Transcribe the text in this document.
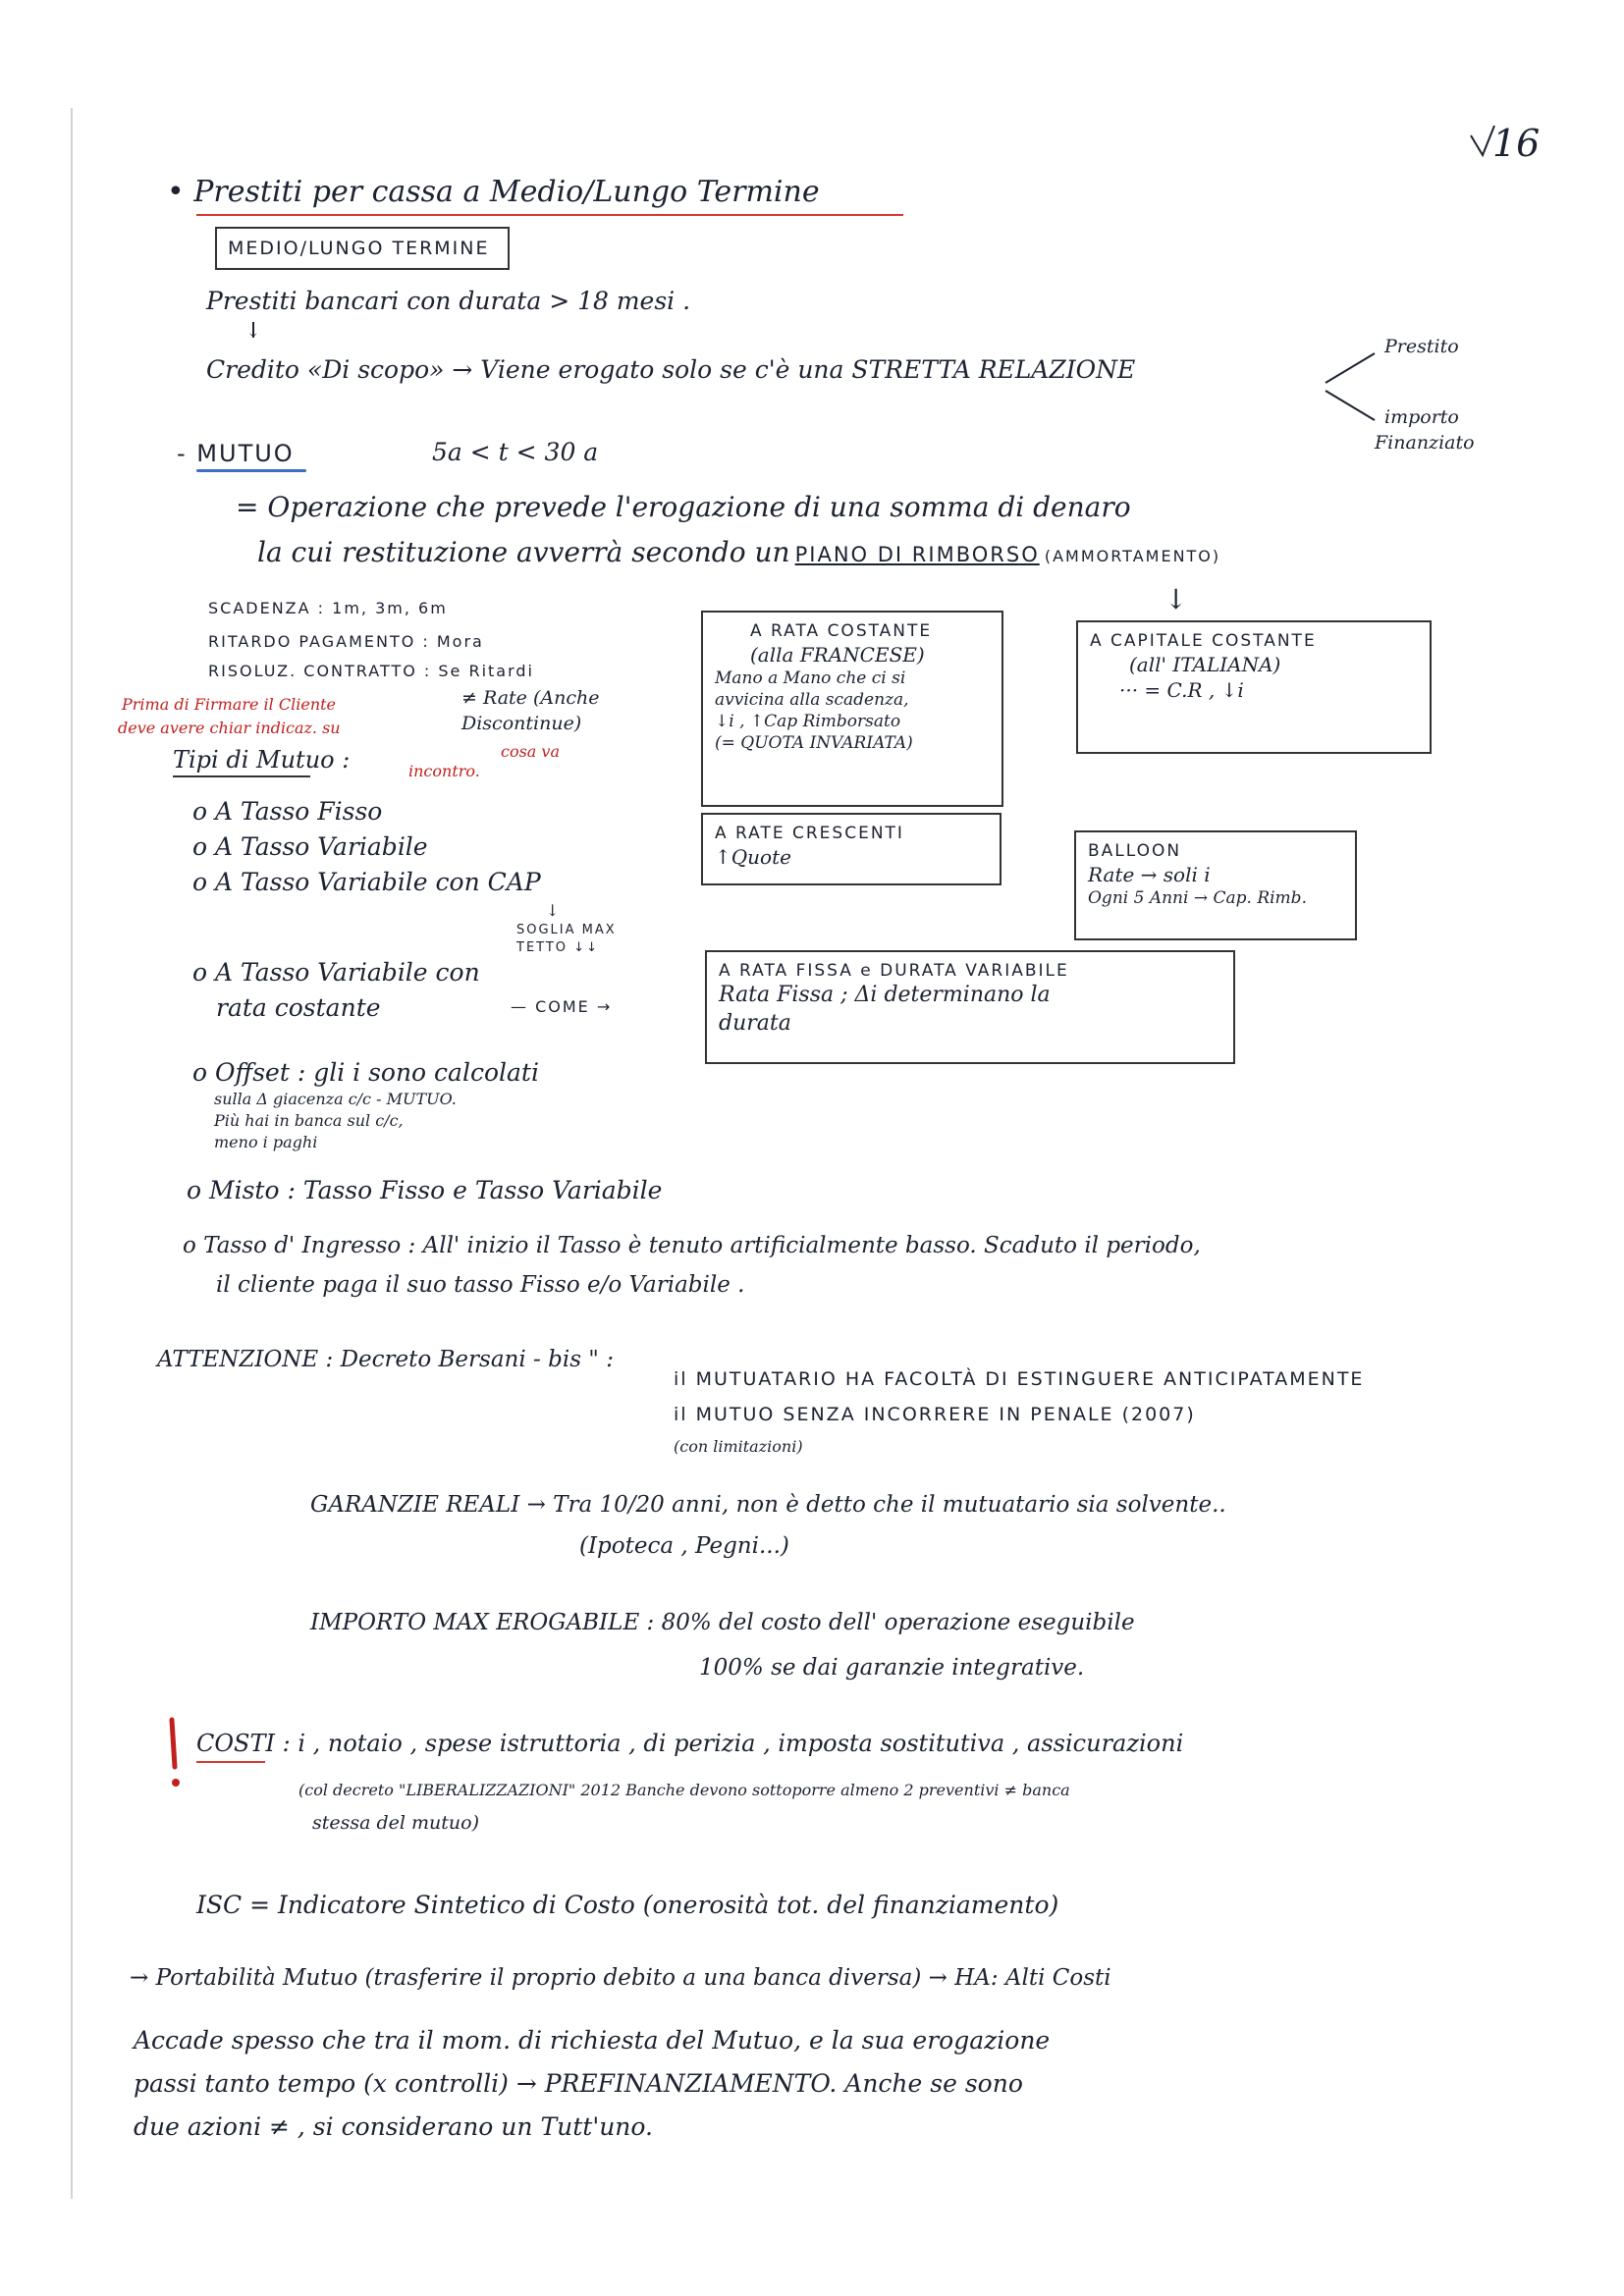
16
• Prestiti per cassa a Medio/Lungo Termine
MEDIO/LUNGO TERMINE
Prestiti bancari con durata > 18 mesi .
↓
Credito «Di scopo» → Viene erogato solo se c'è una STRETTA RELAZIONE
Prestito
importo
Finanziato
- MUTUO	5a < t < 30 a
= Operazione che prevede l'erogazione di una somma di denaro
la cui restituzione avverrà secondo un PIANO DI RIMBORSO (AMMORTAMENTO)
↓
SCADENZA : 1m, 3m, 6m
RITARDO PAGAMENTO : Mora
RISOLUZ. CONTRATTO : Se Ritardi
≠ Rate (Anche
Discontinue)
Prima di Firmare il Cliente
deve avere chiar indicaz. su
cosa va
incontro.
A RATA COSTANTE
(alla FRANCESE)
Mano a Mano che ci si
avvicina alla scadenza,
↓i , ↑Cap Rimborsato
(= QUOTA INVARIATA)
A CAPITALE COSTANTE
(all' ITALIANA)
··· = C.R , ↓i
A RATE CRESCENTI
↑Quote	BALLOON
Rate → soli i
Ogni 5 Anni → Cap. Rimb.
A RATA FISSA e DURATA VARIABILE
Rata Fissa ; Δi determinano la
durata
Tipi di Mutuo :
o A Tasso Fisso
o A Tasso Variabile
o A Tasso Variabile con CAP
↓
SOGLIA MAX
TETTO ↓↓
o A Tasso Variabile con
rata costante	— COME →
o Offset : gli i sono calcolati
sulla Δ giacenza c/c - MUTUO.
Più hai in banca sul c/c,
meno i paghi
o Misto : Tasso Fisso e Tasso Variabile
o Tasso d' Ingresso : All' inizio il Tasso è tenuto artificialmente basso. Scaduto il periodo,
il cliente paga il suo tasso Fisso e/o Variabile .
ATTENZIONE : Decreto Bersani - bis " :
il MUTUATARIO HA FACOLTÀ DI ESTINGUERE ANTICIPATAMENTE
il MUTUO SENZA INCORRERE IN PENALE (2007)
(con limitazioni)
GARANZIE REALI → Tra 10/20 anni, non è detto che il mutuatario sia solvente..
(Ipoteca , Pegni...)
IMPORTO MAX EROGABILE : 80% del costo dell' operazione eseguibile
100% se dai garanzie integrative.
COSTI : i , notaio , spese istruttoria , di perizia , imposta sostitutiva , assicurazioni
(col decreto "LIBERALIZZAZIONI" 2012 Banche devono sottoporre almeno 2 preventivi ≠ banca
stessa del mutuo)
ISC = Indicatore Sintetico di Costo (onerosità tot. del finanziamento)
→ Portabilità Mutuo (trasferire il proprio debito a una banca diversa) → HA: Alti Costi
Accade spesso che tra il mom. di richiesta del Mutuo, e la sua erogazione
passi tanto tempo (x controlli) → PREFINANZIAMENTO. Anche se sono
due azioni ≠ , si considerano un Tutt'uno.
